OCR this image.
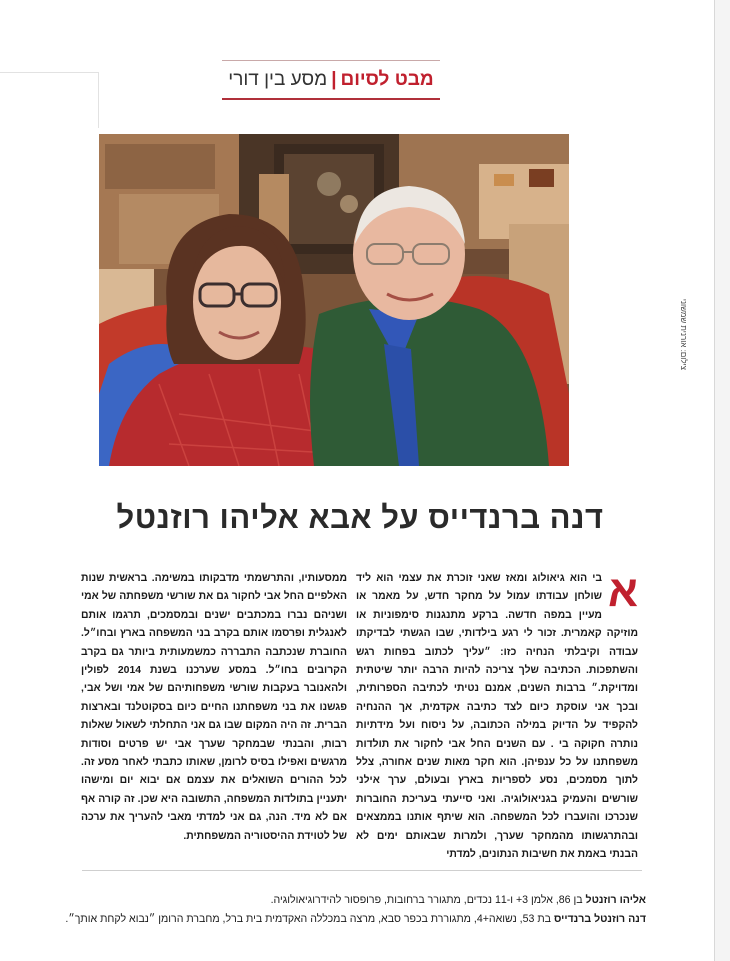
מבט לסיום|מסע בין דורי
צילום: אורנית שמשוני
דנה ברנדייס על אבא אליהו רוזנטל
א
בי הוא גיאולוג ומאז שאני זוכרת את עצמי הוא ליד שולחן עבודתו עמול על מחקר חדש, על מאמר או מעיין במפה חדשה. ברקע מתנגנות סימפוניות או מוזיקה קאמרית. זכור לי רגע בילדותי, שבו הגשתי לבדיקתו עבודה וקיבלתי הנחיה כזו: ״עליך לכתוב בפחות רגש והשתפכות. הכתיבה שלך צריכה להיות הרבה יותר שיטתית ומדויקת.״ ברבות השנים, אמנם נטיתי לכתיבה הספרותית, ובכך אני עוסקת כיום לצד כתיבה אקדמית, אך ההנחיה להקפיד על הדיוק במילה הכתובה, על ניסוח ועל מידתיות נותרה חקוקה בי . עם השנים החל אבי לחקור את תולדות משפחתנו על כל ענפיהן. הוא חקר מאות שנים אחורה, צלל לתוך מסמכים, נסע לספריות בארץ ובעולם, ערך אילני שורשים והעמיק בגניאולוגיה. ואני סייעתי בעריכת החוברות שנכרכו והועברו לכל המשפחה. הוא שיתף אותנו בממצאים ובהתרגשותו מהמחקר שערך, ולמרות שבאותם ימים לא הבנתי באמת את חשיבות הנתונים, למדתי
ממסעותיו, והתרשמתי מדבקותו במשימה. בראשית שנות האלפיים החל אבי לחקור גם את שורשי משפחתה של אמי ושניהם נברו במכתבים ישנים ובמסמכים, תרגמו אותם לאנגלית ופרסמו אותם בקרב בני המשפחה בארץ ובחו״ל. החוברת שנכתבה התבררה כמשמעותית ביותר גם בקרב הקרובים בחו״ל. במסע שערכנו בשנת 2014 לפולין ולהאנובר בעקבות שורשי משפחותיהם של אמי ושל אבי, פגשנו את בני משפחתנו החיים כיום בסקוטלנד ובארצות הברית. זה היה המקום שבו גם אני התחלתי לשאול שאלות רבות, והבנתי שבמחקר שערך אבי יש פרטים וסודות מרגשים ואפילו בסיס לרומן, שאותו כתבתי לאחר מסע זה. לכל ההורים השואלים את עצמם אם יבוא יום ומישהו יתעניין בתולדות המשפחה, התשובה היא שכן. זה קורה אף אם לא מיד. הנה, גם אני למדתי מאבי להעריך את ערכה של לטוידת ההיסטוריה המשפחתית.
אליהו רוזנטל בן 86, אלמן 3+ ו-11 נכדים, מתגורר ברחובות, פרופסור להידרוגיאולוגיה.
דנה רוזנטל ברנדייס בת 53, נשואה+4, מתגוררת בכפר סבא, מרצה במכללה האקדמית בית ברל, מחברת הרומן ״נבוא לקחת אותך״.
